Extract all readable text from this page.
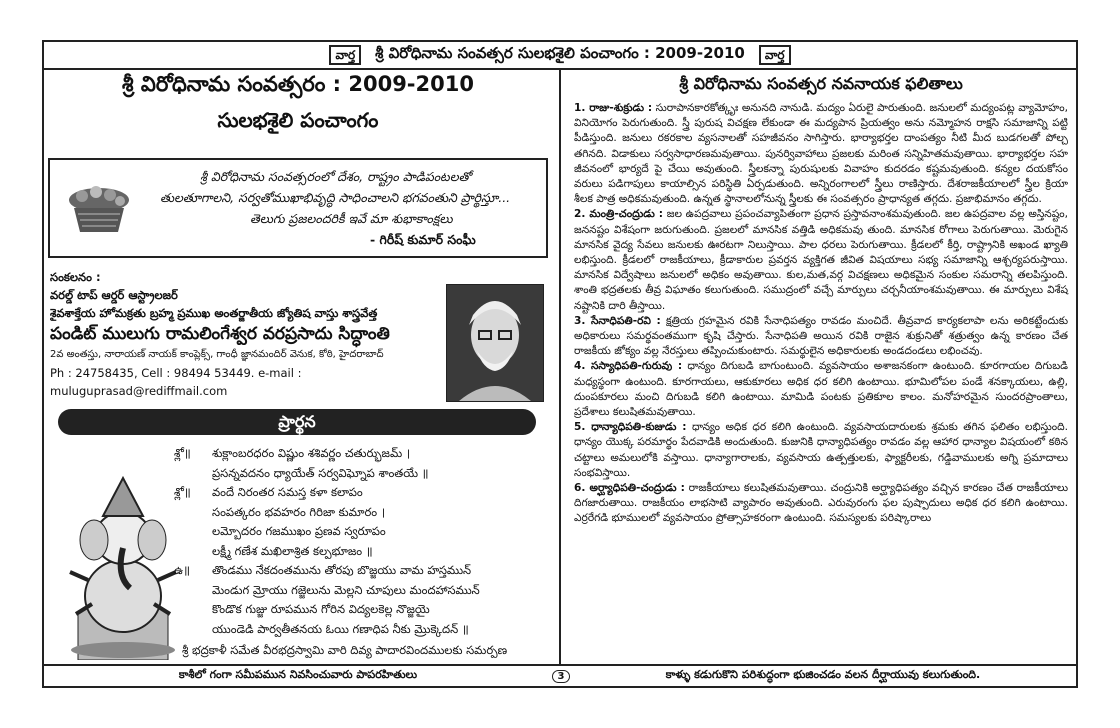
వార్త	శ్రీ విరోధినామ సంవత్సర సులభశైలి పంచాంగం : 2009-2010	వార్త
శ్రీ విరోధినామ సంవత్సరం : 2009-2010
సులభశైలి పంచాంగం
శ్రీ విరోధినామ సంవత్సరంలో దేశం, రాష్ట్రం పాడిపంటలతో
తులతూగాలని, సర్వతోముఖాభివృద్ధి సాధించాలని భగవంతుని ప్రార్థిస్తూ...
తెలుగు ప్రజలందరికీ ఇవే మా శుభాకాంక్షలు
- గిరీష్ కుమార్ సంఘీ
సంకలనం :
వరల్డ్ టాప్ ఆర్డర్ ఆస్ట్రాలజర్
శైవశాక్తేయ హోమక్రతు బ్రహ్మ ప్రముఖ అంతర్జాతీయ జ్యోతిష వాస్తు శాస్త్రవేత్త
పండిట్ ములుగు రామలింగేశ్వర వరప్రసాదు సిద్ధాంతి
2వ అంతస్తు, నారాయణ్ నాయక్ కాంప్లెక్స్, గాంధీ జ్ఞానమందిర్ వెనుక, కోఠి, హైదరాబాద్
Ph : 24758435, Cell : 98494 53449. e-mail : muluguprasad@rediffmail.com
ప్రార్థన
శ్లో॥	శుక్లాంబరధరం విష్ణుం శశివర్ణం చతుర్భుజమ్ ।
ప్రసన్నవదనం ధ్యాయేత్ సర్వవిఘ్నోప శాంతయే ॥
శ్లో॥	వందే నిరంతర సమస్త కళా కలాపం
సంపత్కరం భవహరం గిరిజా కుమారం ।
లమ్బోదరం గజముఖం ప్రణవ స్వరూపం
లక్ష్మీ గణేశ మఖిలాశ్రిత కల్పభూజం ॥
ఉ॥	తొండము నేకదంతమును తోరపు బొజ్జయు వామ హస్తమున్
మెండుగ మ్రోయు గజ్జెలును మెల్లని చూపులు మందహాసమున్
కొండొక గుజ్జు రూపమున గోరిన విద్యలకెల్ల నొజ్జయై
యుండెడి పార్వతీతనయ ఓయి గణాధిప నీకు మ్రొక్కెదన్ ॥
శ్రీ భద్రకాళీ సమేత వీరభద్రస్వామి వారి దివ్య పాదారవిందములకు సమర్పణ
శ్రీ విరోధినామ సంవత్సర నవనాయక ఫలితాలు

1. రాజు-శుక్రుడు : సురాపానకారకోత్కృః అనునది నానుడి. మద్యం ఏరులై పారుతుంది. జనులలో మద్యంపట్ల వ్యామోహం, వినియోగం పెరుగుతుంది. స్త్రీ పురుష విచక్షణ లేకుండా ఈ మద్యపాన ప్రియత్వం అను నమ్మోహన రాక్షసి సమాజాన్ని పట్టి పీడిస్తుంది. జనులు రకరకాల వ్యసనాలతో సహజీవనం సాగిస్తారు. భార్యాభర్తల దాంపత్యం నీటి మీద బుడగలతో పోల్చ తగినది. విడాకులు సర్వసాధారణమవుతాయి. పునర్వివాహాలు ప్రజలకు మరింత సన్నిహితమవుతాయి. భార్యాభర్తల సహ జీవనంలో భార్యదే పై చేయి అవుతుంది. స్త్రీలకన్నా పురుషులకు వివాహం కుదరడం కష్టమవుతుంది. కన్యల దయకోసం వరులు పడిగాపులు కాయాల్సిన పరిస్థితి ఏర్పడుతుంది. అన్నిరంగాలలో స్త్రీలు రాణిస్తారు. దేశరాజకీయాలలో స్త్రీల క్రియా శీలక పాత్ర అధికమవుతుంది. ఉన్నత స్థానాలలోనున్న స్త్రీలకు ఈ సంవత్సరం ప్రాధాన్యత తగ్గదు. ప్రజాభిమానం తగ్గదు.

2. మంత్రి-చంద్రుడు : జల ఉపద్రవాలు ప్రపంచవ్యాపితంగా ప్రధాన ప్రస్తావనాంశమవుతుంది. జల ఉపద్రవాల వల్ల అస్తినష్టం, జననష్టం విశేషంగా జరుగుతుంది. ప్రజలలో మానసిక వత్తిడి అధికమవు తుంది. మానసిక రోగాలు పెరుగుతాయి. మెరుగైన మానసిక వైద్య సేవలు జనులకు ఊరటగా నిలుస్తాయి. పాల ధరలు పెరుగుతాయి. క్రీడలలో కీర్తి, రాష్ట్రానికి అఖండ ఖ్యాతి లభిస్తుంది. క్రీడలలో రాజకీయాలు, క్రీడాకారుల ప్రవర్తన వ్యక్తిగత జీవిత విషయాలు సభ్య సమాజాన్ని ఆశ్చర్యపరుస్తాయి. మానసిక విద్వేషాలు జనులలో అధికం అవుతాయి. కుల,మత,వర్గ విచక్షణలు అధికమైన సంకుల సమరాన్ని తలపిస్తుంది. శాంతి భద్రతలకు తీవ్ర విఘాతం కలుగుతుంది. సముద్రంలో వచ్చే మార్పులు చర్చనీయాంశమవుతాయి. ఈ మార్పులు విశేష నష్టానికి దారి తీస్తాయి.

3. సేనాధిపతి-రవి : క్షత్రియ గ్రహమైన రవికి సేనాధిపత్యం రావడం మంచిదే. తీవ్రవాద కార్యకలాపా లను అరికట్టేందుకు అధికారులు సమర్థవంతముగా కృషి చేస్తారు. సేనాధిపతి అయిన రవికి రాజైన శుక్రునితో శత్రుత్వం ఉన్న కారణం చేత రాజకీయ జోక్యం వల్ల నేరస్తులు తప్పించుకుంటారు. సమర్థులైన అధికారులకు అండదండలు లభించవు.

4. సస్యాధిపతి-గురువు : ధాన్యం దిగుబడి బాగుంటుంది. వ్యవసాయం అశాజనకంగా ఉంటుంది. కూరగాయల దిగుబడి మధ్యస్థంగా ఉంటుంది. కూరగాయలు, ఆకుకూరలు అధిక ధర కలిగి ఉంటాయి. భూమిలోపల పండే శనక్కాయలు, ఉల్లి, దుంపకూరలు మంచి దిగుబడి కలిగి ఉంటాయి. మామిడి పంటకు ప్రతికూల కాలం. మనోహరమైన సుందరప్రాంతాలు, ప్రదేశాలు కలుషితమవుతాయి.

5. ధాన్యాధిపతి-కుజుడు : ధాన్యం అధిక ధర కలిగి ఉంటుంది. వ్యవసాయదారులకు శ్రమకు తగిన ఫలితం లభిస్తుంది. ధాన్యం యొక్క పరమార్థం పేదవాడికి అందుతుంది. కుజునికి ధాన్యాధిపత్యం రావడం వల్ల ఆహార ధాన్యాల విషయంలో కఠిన చట్టాలు అమలులోకి వస్తాయి. ధాన్యాగారాలకు, వ్యవసాయ ఉత్పత్తులకు, ఫ్యాక్టరీలకు, గడ్డివాములకు అగ్ని ప్రమాదాలు సంభవిస్తాయి.

6. అర్ఘ్యాధిపతి-చంద్రుడు : రాజకీయాలు కలుషితమవుతాయి. చంద్రునికి అర్ఘ్యాధిపత్యం వచ్చిన కారణం చేత రాజకీయాలు దిగజారుతాయి. రాజకీయం లాభసాటి వ్యాపారం అవుతుంది. ఎరువురంగు ఫల పుష్పాదులు అధిక ధర కలిగి ఉంటాయి. ఎర్రరేగడి భూములలో వ్యవసాయం ప్రోత్సాహకరంగా ఉంటుంది. సమస్యలకు పరిష్కారాలు

కాశీలో గంగా సమీపమున నివసించువారు పాపరహితులు	3	కాళ్ళు కడుగుకొని పరిశుద్ధంగా భుజించడం వలన దీర్ఘాయువు కలుగుతుంది.
